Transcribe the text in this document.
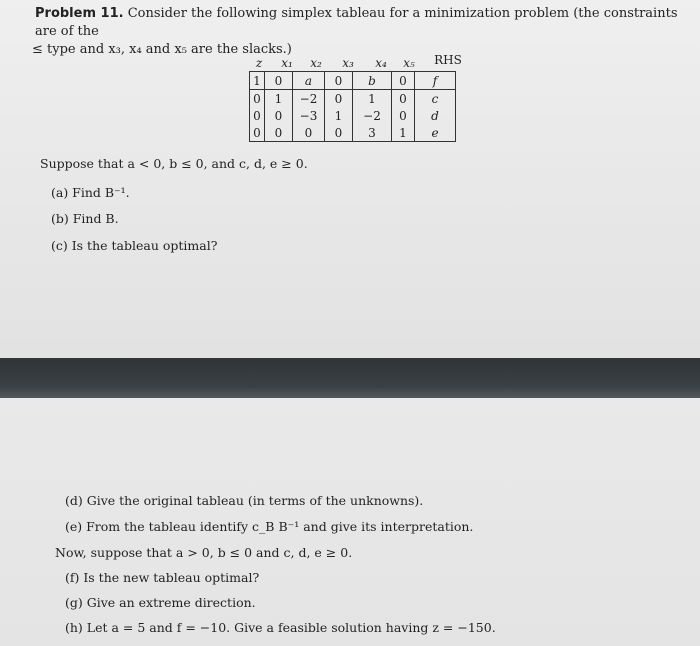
Problem 11. Consider the following simplex tableau for a minimization problem (the constraints are of the
≤ type and x₃, x₄ and x₅ are the slacks.)
z x₁ x₂ x₃ x₄ x₅ RHS
1	0	a	0	b	0	f
0	1	−2	0	1	0	c
0	0	−3	1	−2	0	d
0	0	0	0	3	1	e
Suppose that a < 0, b ≤ 0, and c, d, e ≥ 0.
(a) Find B⁻¹.
(b) Find B.
(c) Is the tableau optimal?
(d) Give the original tableau (in terms of the unknowns).
(e) From the tableau identify c_B B⁻¹ and give its interpretation.
Now, suppose that a > 0, b ≤ 0 and c, d, e ≥ 0.
(f) Is the new tableau optimal?
(g) Give an extreme direction.
(h) Let a = 5 and f = −10. Give a feasible solution having z = −150.
